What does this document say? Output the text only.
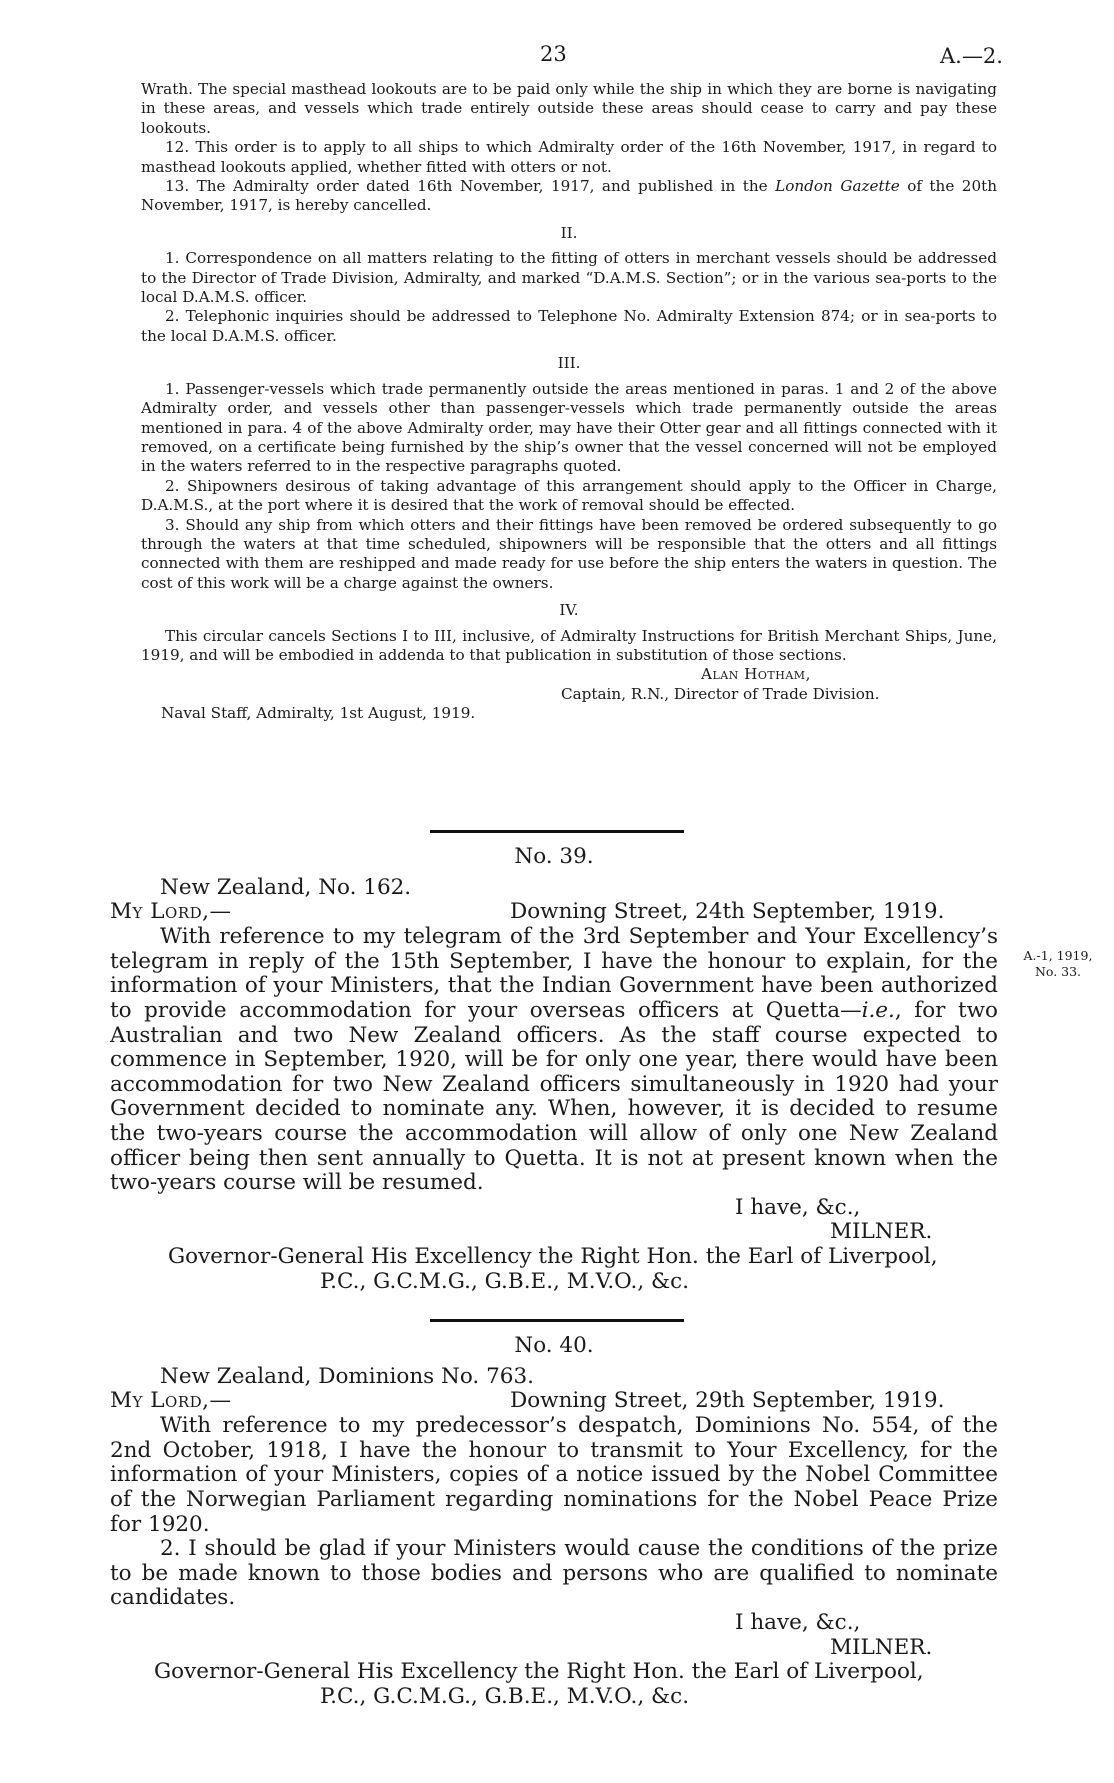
23	A.—2.

Wrath. The special masthead lookouts are to be paid only while the ship in which they are borne is navigating in these areas, and vessels which trade entirely outside these areas should cease to carry and pay these lookouts.

12. This order is to apply to all ships to which Admiralty order of the 16th November, 1917, in regard to masthead lookouts applied, whether fitted with otters or not.

13. The Admiralty order dated 16th November, 1917, and published in the London Gazette of the 20th November, 1917, is hereby cancelled.

II.

1. Correspondence on all matters relating to the fitting of otters in merchant vessels should be addressed to the Director of Trade Division, Admiralty, and marked “D.A.M.S. Section”; or in the various sea-ports to the local D.A.M.S. officer.

2. Telephonic inquiries should be addressed to Telephone No. Admiralty Extension 874; or in sea-ports to the local D.A.M.S. officer.

III.

1. Passenger-vessels which trade permanently outside the areas mentioned in paras. 1 and 2 of the above Admiralty order, and vessels other than passenger-vessels which trade permanently outside the areas mentioned in para. 4 of the above Admiralty order, may have their Otter gear and all fittings connected with it removed, on a certificate being furnished by the ship’s owner that the vessel concerned will not be employed in the waters referred to in the respective paragraphs quoted.

2. Shipowners desirous of taking advantage of this arrangement should apply to the Officer in Charge, D.A.M.S., at the port where it is desired that the work of removal should be effected.

3. Should any ship from which otters and their fittings have been removed be ordered subsequently to go through the waters at that time scheduled, shipowners will be responsible that the otters and all fittings connected with them are reshipped and made ready for use before the ship enters the waters in question. The cost of this work will be a charge against the owners.

IV.

This circular cancels Sections I to III, inclusive, of Admiralty Instructions for British Merchant Ships, June, 1919, and will be embodied in addenda to that publication in substitution of those sections.

Alan Hotham,

Captain, R.N., Director of Trade Division.

Naval Staff, Admiralty, 1st August, 1919.

No. 39.

New Zealand, No. 162.

My Lord,—	Downing Street, 24th September, 1919.

With reference to my telegram of the 3rd September and Your Excellency’s telegram in reply of the 15th September, I have the honour to explain, for the information of your Ministers, that the Indian Government have been authorized to provide accommodation for your overseas officers at Quetta—i.e., for two Australian and two New Zealand officers. As the staff course expected to commence in September, 1920, will be for only one year, there would have been accommodation for two New Zealand officers simultaneously in 1920 had your Government decided to nominate any. When, however, it is decided to resume the two-years course the accommodation will allow of only one New Zealand officer being then sent annually to Quetta. It is not at present known when the two-years course will be resumed.

I have, &c.,

MILNER.

Governor-General His Excellency the Right Hon. the Earl of Liverpool,

P.C., G.C.M.G., G.B.E., M.V.O., &c.

A.-1, 1919,
No. 33.

No. 40.

New Zealand, Dominions No. 763.

My Lord,—	Downing Street, 29th September, 1919.

With reference to my predecessor’s despatch, Dominions No. 554, of the 2nd October, 1918, I have the honour to transmit to Your Excellency, for the information of your Ministers, copies of a notice issued by the Nobel Committee of the Norwegian Parliament regarding nominations for the Nobel Peace Prize for 1920.

2. I should be glad if your Ministers would cause the conditions of the prize to be made known to those bodies and persons who are qualified to nominate candidates.

I have, &c.,

MILNER.

Governor-General His Excellency the Right Hon. the Earl of Liverpool,

P.C., G.C.M.G., G.B.E., M.V.O., &c.
